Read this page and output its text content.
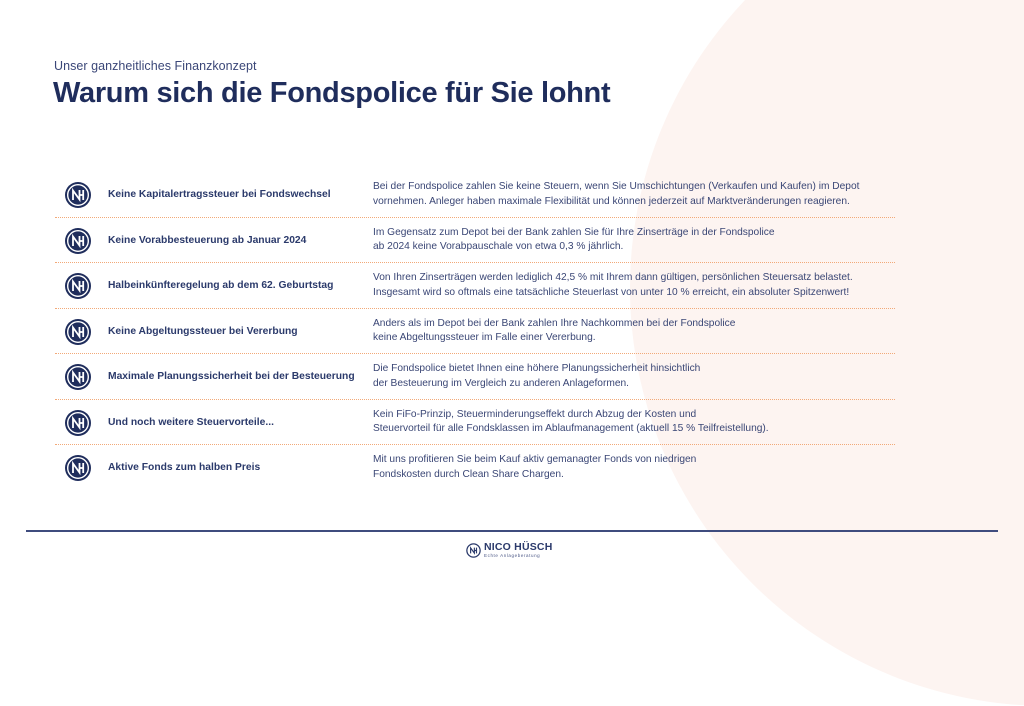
Unser ganzheitliches Finanzkonzept
Warum sich die Fondspolice für Sie lohnt
Keine Kapitalertragssteuer bei Fondswechsel
Bei der Fondspolice zahlen Sie keine Steuern, wenn Sie Umschichtungen (Verkaufen und Kaufen) im Depot
vornehmen. Anleger haben maximale Flexibilität und können jederzeit auf Marktveränderungen reagieren.
Keine Vorabbesteuerung ab Januar 2024
Im Gegensatz zum Depot bei der Bank zahlen Sie für Ihre Zinserträge in der Fondspolice
ab 2024 keine Vorabpauschale von etwa 0,3 % jährlich.
Halbeinkünfteregelung ab dem 62. Geburtstag
Von Ihren Zinserträgen werden lediglich 42,5 % mit Ihrem dann gültigen, persönlichen Steuersatz belastet.
Insgesamt wird so oftmals eine tatsächliche Steuerlast von unter 10 % erreicht, ein absoluter Spitzenwert!
Keine Abgeltungssteuer bei Vererbung
Anders als im Depot bei der Bank zahlen Ihre Nachkommen bei der Fondspolice
keine Abgeltungssteuer im Falle einer Vererbung.
Maximale Planungssicherheit bei der Besteuerung
Die Fondspolice bietet Ihnen eine höhere Planungssicherheit hinsichtlich
der Besteuerung im Vergleich zu anderen Anlageformen.
Und noch weitere Steuervorteile...
Kein FiFo-Prinzip, Steuerminderungseffekt durch Abzug der Kosten und
Steuervorteil für alle Fondsklassen im Ablaufmanagement (aktuell 15 % Teilfreistellung).
Aktive Fonds zum halben Preis
Mit uns profitieren Sie beim Kauf aktiv gemanagter Fonds von niedrigen
Fondskosten durch Clean Share Chargen.
NICO HÜSCH
Echte Anlageberatung
